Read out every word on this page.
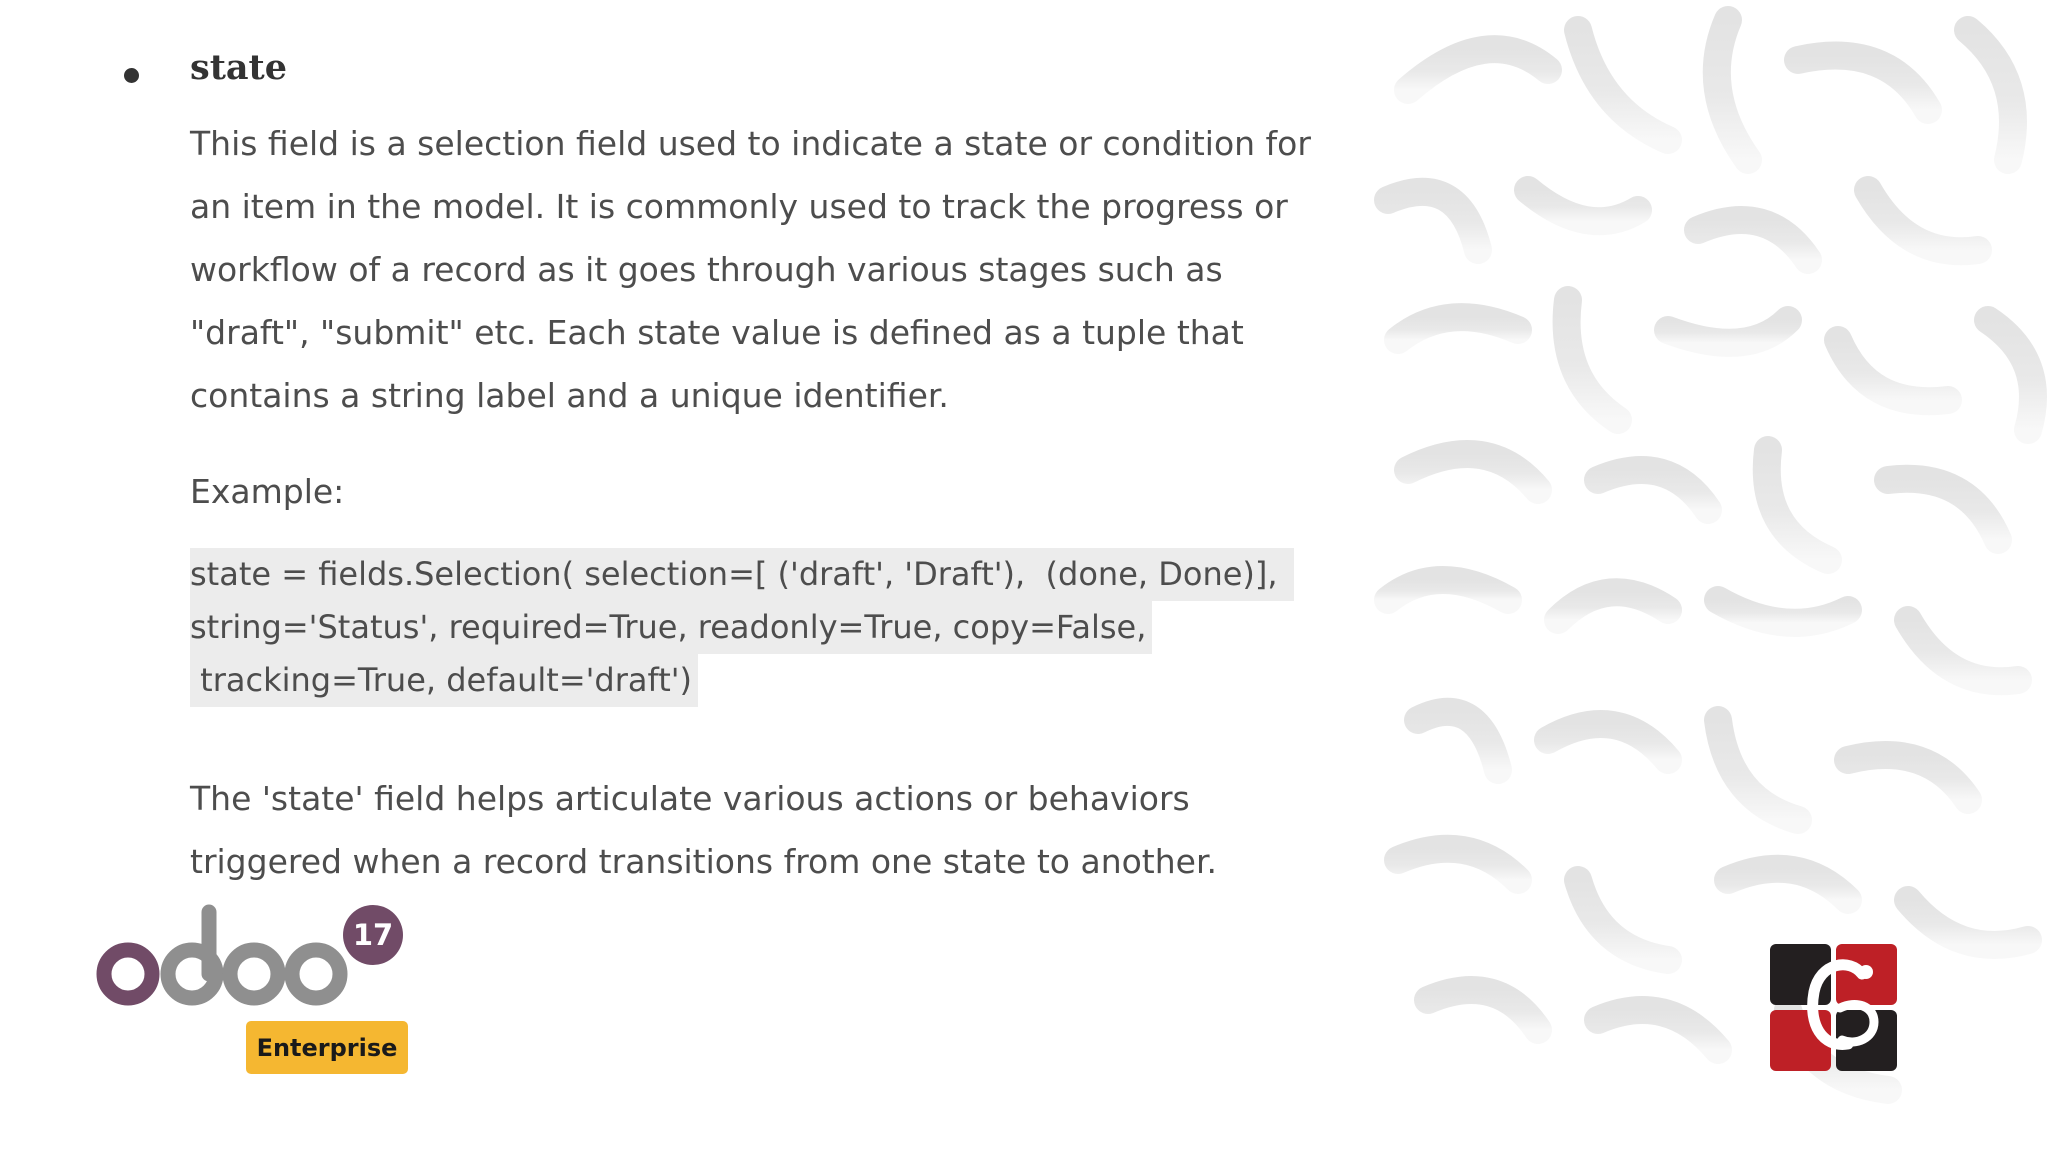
state

This field is a selection field used to indicate a state or condition for an item in the model. It is commonly used to track the progress or workflow of a record as it goes through various stages such as "draft", "submit" etc. Each state value is defined as a tuple that contains a string label and a unique identifier.

Example:

state = fields.Selection( selection=[ ('draft', 'Draft'),  (done, Done)],
string='Status', required=True, readonly=True, copy=False,
tracking=True, default='draft')

The 'state' field helps articulate various actions or behaviors triggered when a record transitions from one state to another.

odoo
17
Enterprise
